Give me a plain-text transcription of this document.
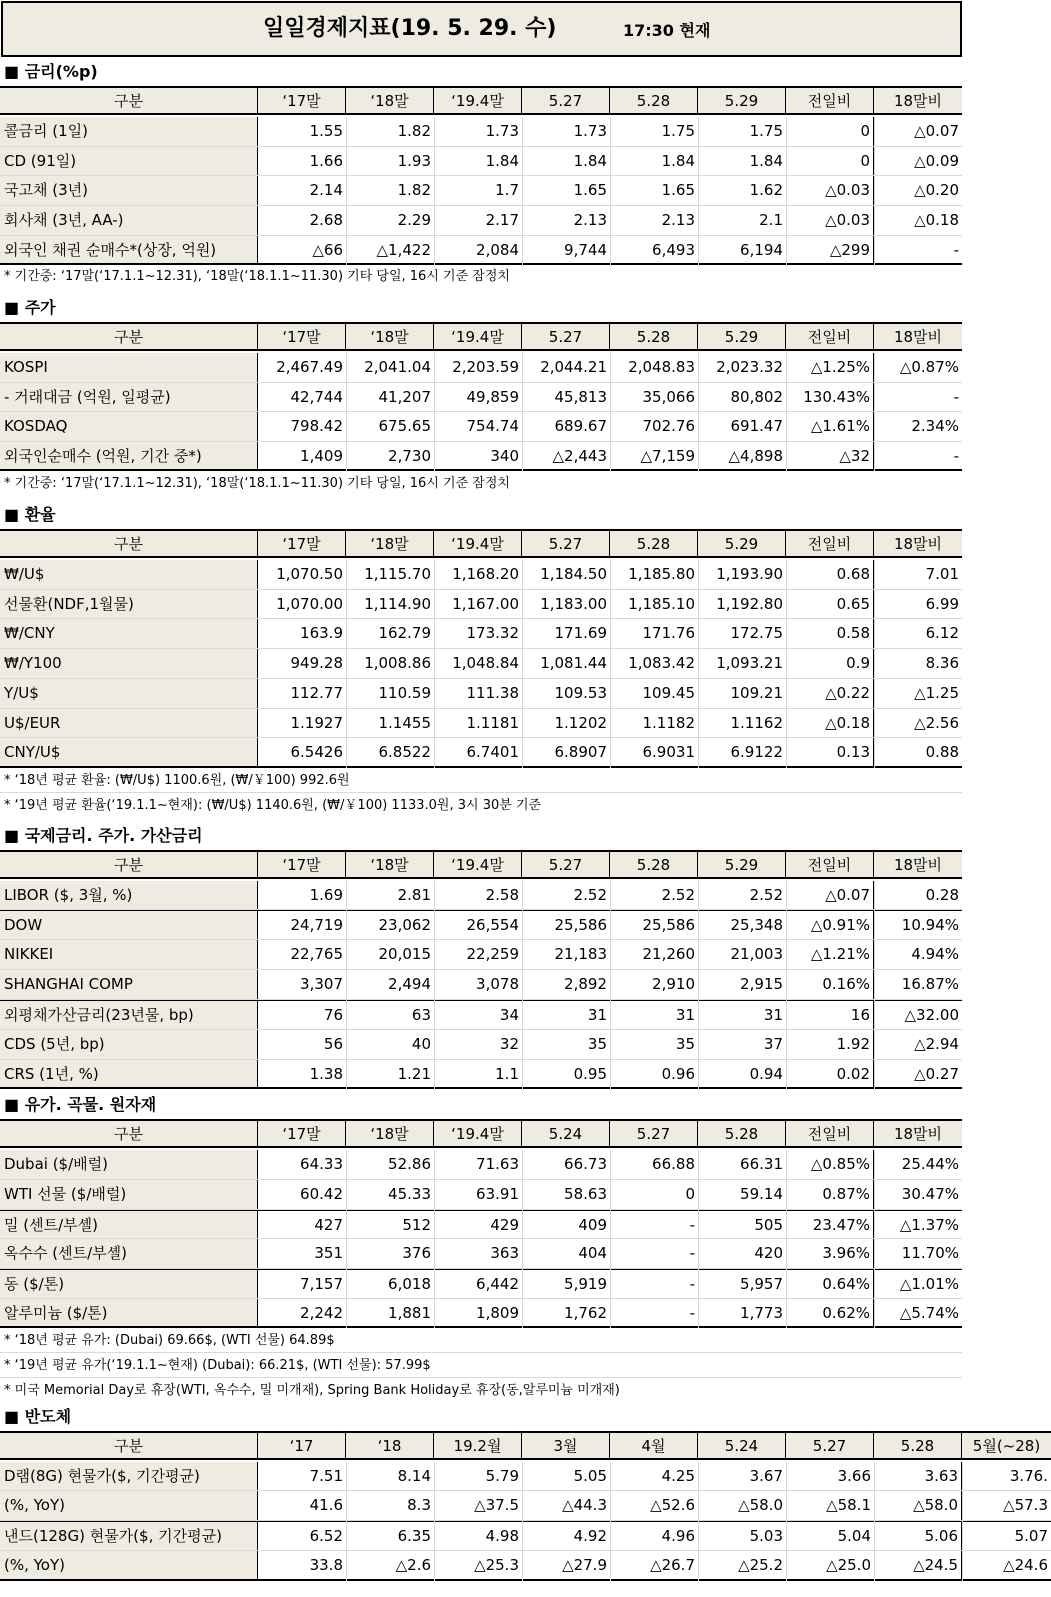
일일경제지표(19. 5. 29. 수)	17:30 현재
■ 금리(%p)
구분	‘17말	‘18말	‘19.4말	5.27	5.28	5.29	전일비	18말비
콜금리 (1일)	1.55	1.82	1.73	1.73	1.75	1.75	0	△0.07
CD (91일)	1.66	1.93	1.84	1.84	1.84	1.84	0	△0.09
국고채 (3년)	2.14	1.82	1.7	1.65	1.65	1.62	△0.03	△0.20
회사채 (3년, AA-)	2.68	2.29	2.17	2.13	2.13	2.1	△0.03	△0.18
외국인 채권 순매수*(상장, 억원)	△66	△1,422	2,084	9,744	6,493	6,194	△299	-
* 기간중: ‘17말(‘17.1.1~12.31), ‘18말(‘18.1.1~11.30) 기타 당일, 16시 기준 잠정치
■ 주가
구분	‘17말	‘18말	‘19.4말	5.27	5.28	5.29	전일비	18말비
KOSPI	2,467.49	2,041.04	2,203.59	2,044.21	2,048.83	2,023.32	△1.25%	△0.87%
- 거래대금 (억원, 일평균)	42,744	41,207	49,859	45,813	35,066	80,802	130.43%	-
KOSDAQ	798.42	675.65	754.74	689.67	702.76	691.47	△1.61%	2.34%
외국인순매수 (억원, 기간 중*)	1,409	2,730	340	△2,443	△7,159	△4,898	△32	-
* 기간중: ‘17말(‘17.1.1~12.31), ‘18말(‘18.1.1~11.30) 기타 당일, 16시 기준 잠정치
■ 환율
구분	‘17말	‘18말	‘19.4말	5.27	5.28	5.29	전일비	18말비
₩/U$	1,070.50	1,115.70	1,168.20	1,184.50	1,185.80	1,193.90	0.68	7.01
선물환(NDF,1월물)	1,070.00	1,114.90	1,167.00	1,183.00	1,185.10	1,192.80	0.65	6.99
₩/CNY	163.9	162.79	173.32	171.69	171.76	172.75	0.58	6.12
₩/Y100	949.28	1,008.86	1,048.84	1,081.44	1,083.42	1,093.21	0.9	8.36
Y/U$	112.77	110.59	111.38	109.53	109.45	109.21	△0.22	△1.25
U$/EUR	1.1927	1.1455	1.1181	1.1202	1.1182	1.1162	△0.18	△2.56
CNY/U$	6.5426	6.8522	6.7401	6.8907	6.9031	6.9122	0.13	0.88
* ‘18년 평균 환율: (₩/U$) 1100.6원, (₩/￥100) 992.6원
* ‘19년 평균 환율(‘19.1.1~현재): (₩/U$) 1140.6원, (₩/￥100) 1133.0원, 3시 30분 기준
■ 국제금리. 주가. 가산금리
구분	‘17말	‘18말	‘19.4말	5.27	5.28	5.29	전일비	18말비
LIBOR ($, 3월, %)	1.69	2.81	2.58	2.52	2.52	2.52	△0.07	0.28
DOW	24,719	23,062	26,554	25,586	25,586	25,348	△0.91%	10.94%
NIKKEI	22,765	20,015	22,259	21,183	21,260	21,003	△1.21%	4.94%
SHANGHAI COMP	3,307	2,494	3,078	2,892	2,910	2,915	0.16%	16.87%
외평채가산금리(23년물, bp)	76	63	34	31	31	31	16	△32.00
CDS (5년, bp)	56	40	32	35	35	37	1.92	△2.94
CRS (1년, %)	1.38	1.21	1.1	0.95	0.96	0.94	0.02	△0.27
■ 유가. 곡물. 원자재
구분	‘17말	‘18말	‘19.4말	5.24	5.27	5.28	전일비	18말비
Dubai ($/배럴)	64.33	52.86	71.63	66.73	66.88	66.31	△0.85%	25.44%
WTI 선물 ($/배럴)	60.42	45.33	63.91	58.63	0	59.14	0.87%	30.47%
밀 (센트/부셸)	427	512	429	409	-	505	23.47%	△1.37%
옥수수 (센트/부셸)	351	376	363	404	-	420	3.96%	11.70%
동 ($/톤)	7,157	6,018	6,442	5,919	-	5,957	0.64%	△1.01%
알루미늄 ($/톤)	2,242	1,881	1,809	1,762	-	1,773	0.62%	△5.74%
* ‘18년 평균 유가: (Dubai) 69.66$, (WTI 선물) 64.89$
* ‘19년 평균 유가(‘19.1.1~현재) (Dubai): 66.21$, (WTI 선물): 57.99$
* 미국 Memorial Day로 휴장(WTI, 옥수수, 밀 미개재), Spring Bank Holiday로 휴장(동,알루미늄 미개재)
■ 반도체
구분	‘17	‘18	19.2월	3월	4월	5.24	5.27	5.28	5월(~28)
D램(8G) 현물가($, 기간평균)	7.51	8.14	5.79	5.05	4.25	3.67	3.66	3.63	3.76.
(%, YoY)	41.6	8.3	△37.5	△44.3	△52.6	△58.0	△58.1	△58.0	△57.3
낸드(128G) 현물가($, 기간평균)	6.52	6.35	4.98	4.92	4.96	5.03	5.04	5.06	5.07
(%, YoY)	33.8	△2.6	△25.3	△27.9	△26.7	△25.2	△25.0	△24.5	△24.6
